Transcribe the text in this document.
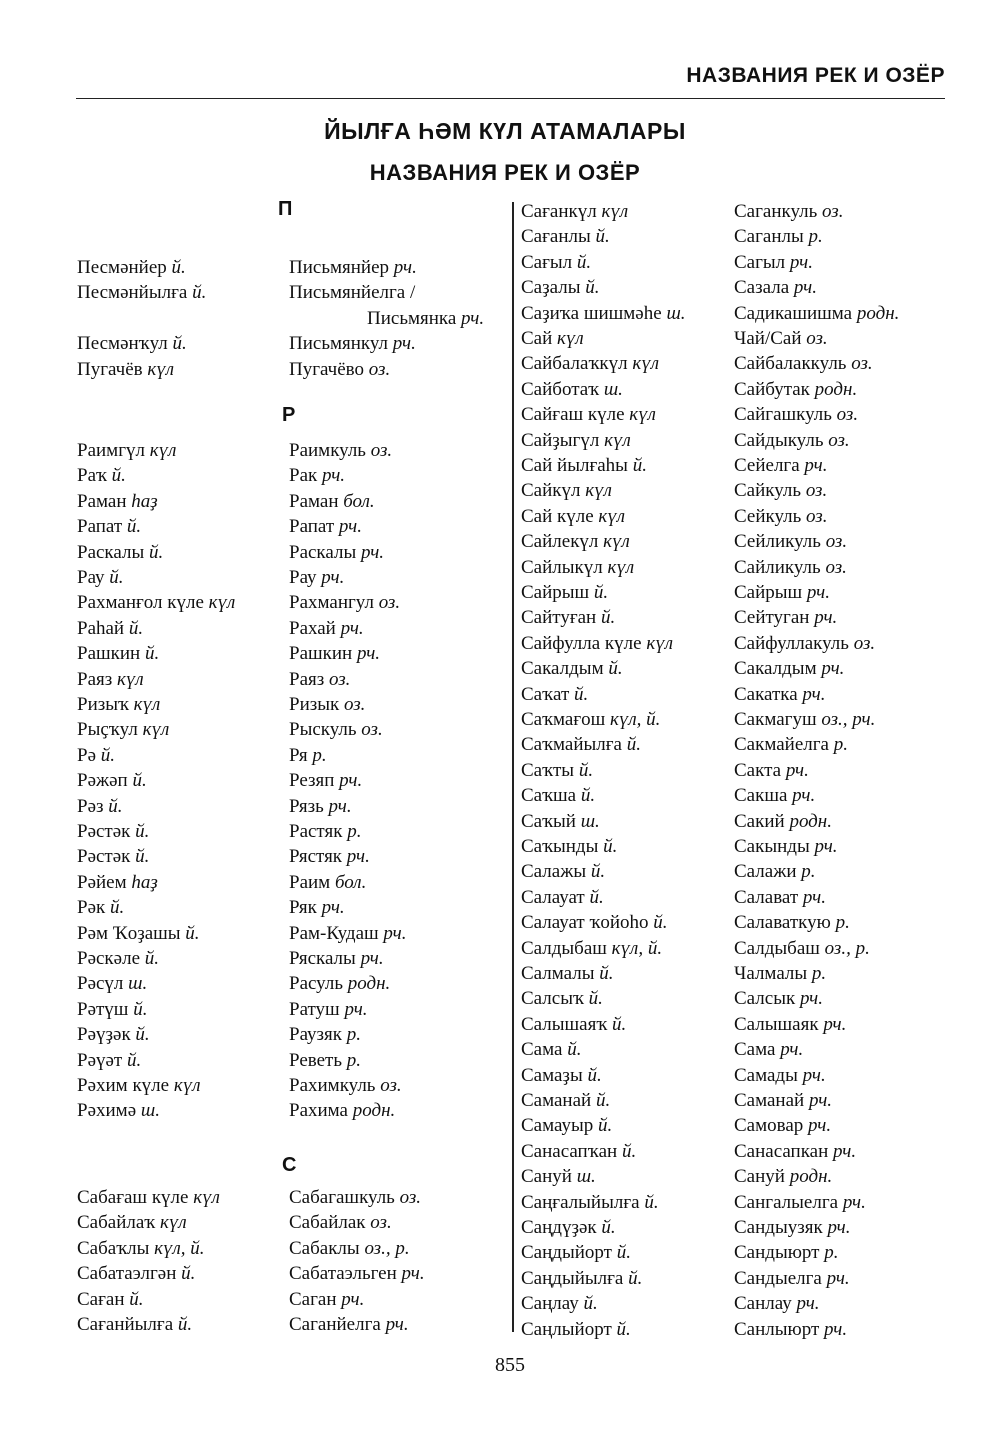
НАЗВАНИЯ РЕК И ОЗЁР
ЙЫЛҒА ҺӘМ КҮЛ АТАМАЛАРЫ
НАЗВАНИЯ РЕК И ОЗЁР
П
Р
С
Песмәнйер й.	Письмянйер рч.
Песмәнйылға й.	Письмянйелга /
Письмянка рч.
Песмәнҡул й.	Письмянкул рч.
Пугачёв күл	Пугачёво оз.
Раимгүл күл	Раимкуль оз.
Раҡ й.	Рак рч.
Раман һаҙ	Раман бол.
Рапат й.	Рапат рч.
Раскалы й.	Раскалы рч.
Рау й.	Рау рч.
Рахманғол күле күл	Рахмангул оз.
Раһай й.	Рахай рч.
Рашкин й.	Рашкин рч.
Раяз күл	Раяз оз.
Ризыҡ күл	Ризык оз.
Рыҫҡул күл	Рыскуль оз.
Рә й.	Ря р.
Рәжәп й.	Резяп рч.
Рәз й.	Рязь рч.
Рәстәк й.	Растяк р.
Рәстәк й.	Рястяк рч.
Рәйем һаҙ	Раим бол.
Рәк й.	Ряк рч.
Рәм Ҡоҙашы й.	Рам-Кудаш рч.
Рәскәле й.	Ряскалы рч.
Рәсүл ш.	Расуль родн.
Рәтүш й.	Ратуш рч.
Рәүҙәк й.	Раузяк р.
Рәүәт й.	Реветь р.
Рәхим күле күл	Рахимкуль оз.
Рәхимә ш.	Рахима родн.
Сабағаш күле күл	Сабагашкуль оз.
Сабайлаҡ күл	Сабайлак оз.
Сабаҡлы күл, й.	Сабаклы оз., р.
Сабатаэлгән й.	Сабатаэльген рч.
Саған й.	Саган рч.
Сағанйылға й.	Саганйелга рч.
Сағанкүл күл	Саганкуль оз.
Сағанлы й.	Саганлы р.
Сағыл й.	Сагыл рч.
Саҙалы й.	Сазала рч.
Саҙиҡа шишмәһе ш.	Садикашишма родн.
Сай күл	Чай/Сай оз.
Сайбалаҡкүл күл	Сайбалаккуль оз.
Сайботаҡ ш.	Сайбутак родн.
Сайғаш күле күл	Сайгашкуль оз.
Сайҙыгүл күл	Сайдыкуль оз.
Сай йылғаһы й.	Сейелга рч.
Сайкүл күл	Сайкуль оз.
Сай күле күл	Сейкуль оз.
Сайлекүл күл	Сейликуль оз.
Сайлыкүл күл	Сайликуль оз.
Сайрыш й.	Сайрыш рч.
Сайтуған й.	Сейтуган рч.
Сайфулла күле күл	Сайфуллакуль оз.
Сакалдым й.	Сакалдым рч.
Саҡат й.	Сакатка рч.
Саҡмағош күл, й.	Сакмагуш оз., рч.
Саҡмайылға й.	Сакмайелга р.
Саҡты й.	Сакта рч.
Саҡша й.	Сакша рч.
Саҡый ш.	Сакий родн.
Саҡынды й.	Сакынды рч.
Салажы й.	Салажи р.
Салауат й.	Салават рч.
Салауат ҡойоһо й.	Салаваткую р.
Салдыбаш күл, й.	Салдыбаш оз., р.
Салмалы й.	Чалмалы р.
Салсыҡ й.	Салсык рч.
Салышаяҡ й.	Салышаяк рч.
Сама й.	Сама рч.
Самаҙы й.	Самады рч.
Саманай й.	Саманай рч.
Самауыр й.	Самовар рч.
Санасапҡан й.	Санасапкан рч.
Сануй ш.	Сануй родн.
Саңғалыйылға й.	Сангалыелга рч.
Саңдүҙәк й.	Сандыузяк рч.
Саңдыйорт й.	Сандыюрт р.
Саңдыйылға й.	Сандыелга рч.
Саңлау й.	Санлау рч.
Саңлыйорт й.	Санлыюрт рч.
855
